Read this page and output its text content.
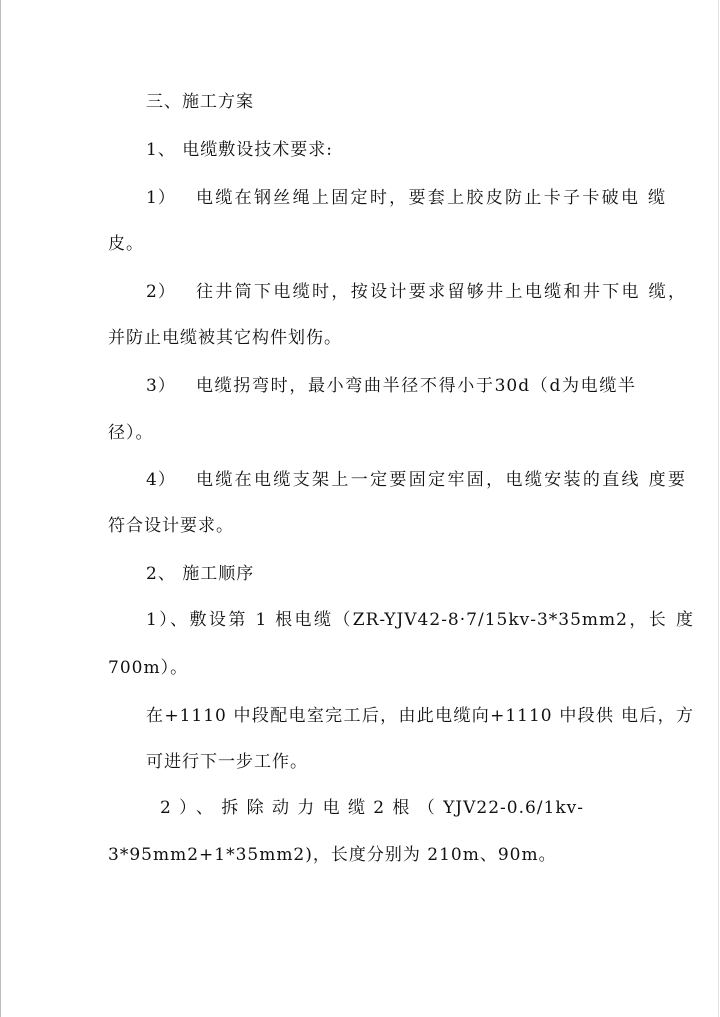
三、施工方案
1、 电缆敷设技术要求:
1） 电缆在钢丝绳上固定时，要套上胶皮防止卡子卡破电 缆
皮。
2） 往井筒下电缆时，按设计要求留够井上电缆和井下电 缆，
并防止电缆被其它构件划伤。
3） 电缆拐弯时，最小弯曲半径不得小于30d（d为电缆半
径）。
4） 电缆在电缆支架上一定要固定牢固，电缆安装的直线 度要
符合设计要求。
2、 施工顺序
1）、敷设第 1 根电缆（ZR-YJV42-8·7/15kv-3*35mm2，长 度
700m）。
在+1110 中段配电室完工后，由此电缆向+1110 中段供 电后，方
可进行下一步工作。
2）、拆除动力电缆2根（YJV22-0.6/1kv-
3*95mm2+1*35mm2)，长度分别为 210m、90m。
